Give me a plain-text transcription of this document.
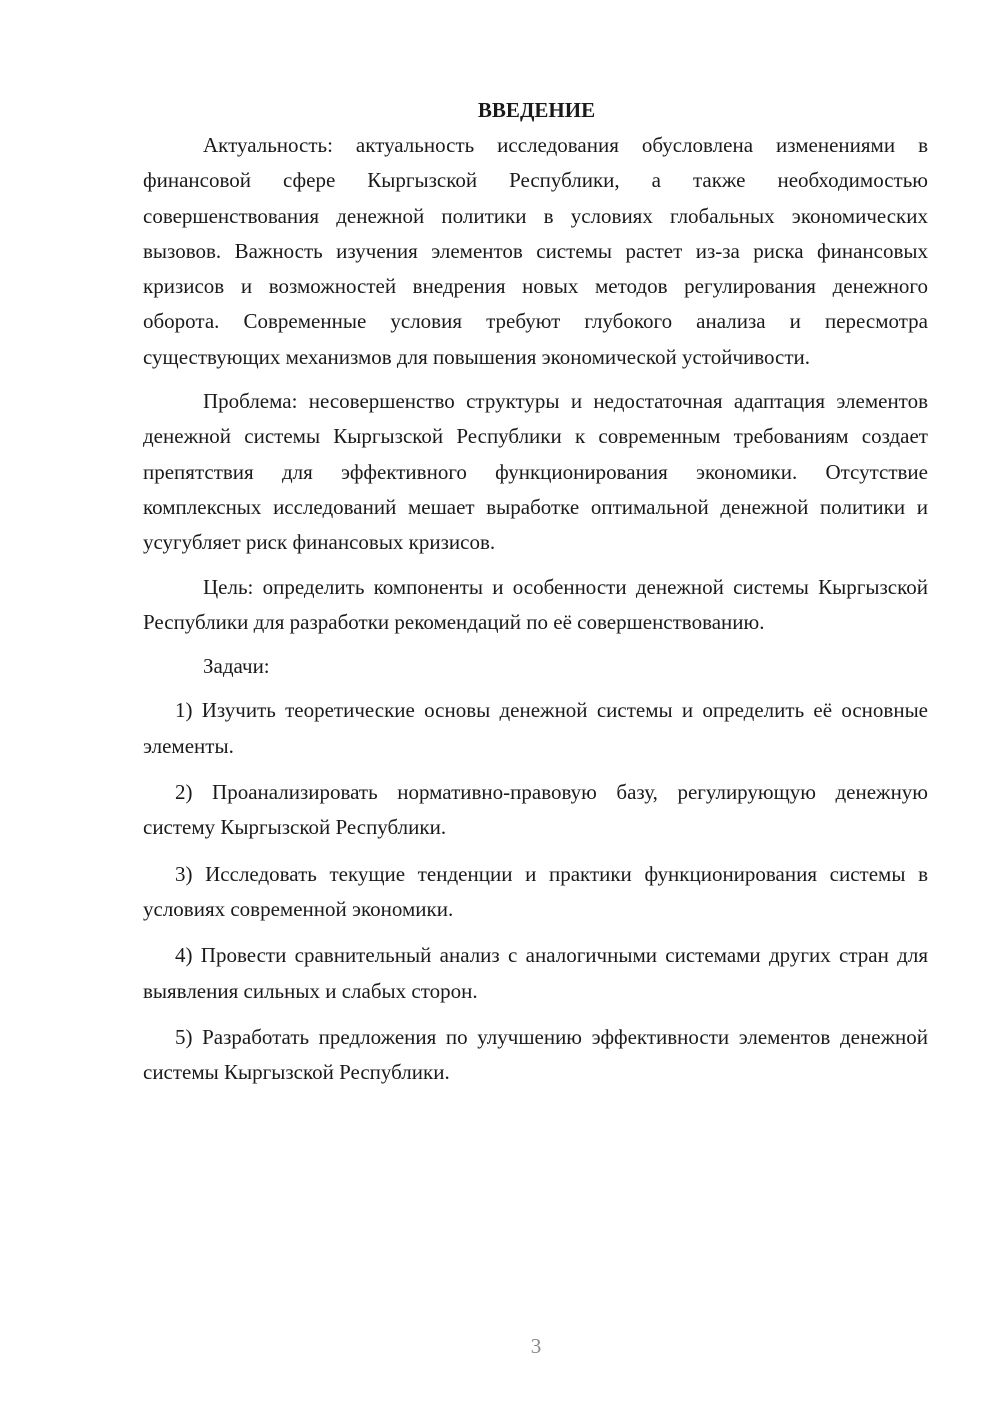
ВВЕДЕНИЕ

Актуальность: актуальность исследования обусловлена изменениями в финансовой сфере Кыргызской Республики, а также необходимостью совершенствования денежной политики в условиях глобальных экономических вызовов. Важность изучения элементов системы растет из-за риска финансовых кризисов и возможностей внедрения новых методов регулирования денежного оборота. Современные условия требуют глубокого анализа и пересмотра существующих механизмов для повышения экономической устойчивости.

Проблема: несовершенство структуры и недостаточная адаптация элементов денежной системы Кыргызской Республики к современным требованиям создает препятствия для эффективного функционирования экономики. Отсутствие комплексных исследований мешает выработке оптимальной денежной политики и усугубляет риск финансовых кризисов.

Цель: определить компоненты и особенности денежной системы Кыргызской Республики для разработки рекомендаций по её совершенствованию.

Задачи:

1) Изучить теоретические основы денежной системы и определить её основные элементы.

2) Проанализировать нормативно-правовую базу, регулирующую денежную систему Кыргызской Республики.

3) Исследовать текущие тенденции и практики функционирования системы в условиях современной экономики.

4) Провести сравнительный анализ с аналогичными системами других стран для выявления сильных и слабых сторон.

5) Разработать предложения по улучшению эффективности элементов денежной системы Кыргызской Республики.

3
